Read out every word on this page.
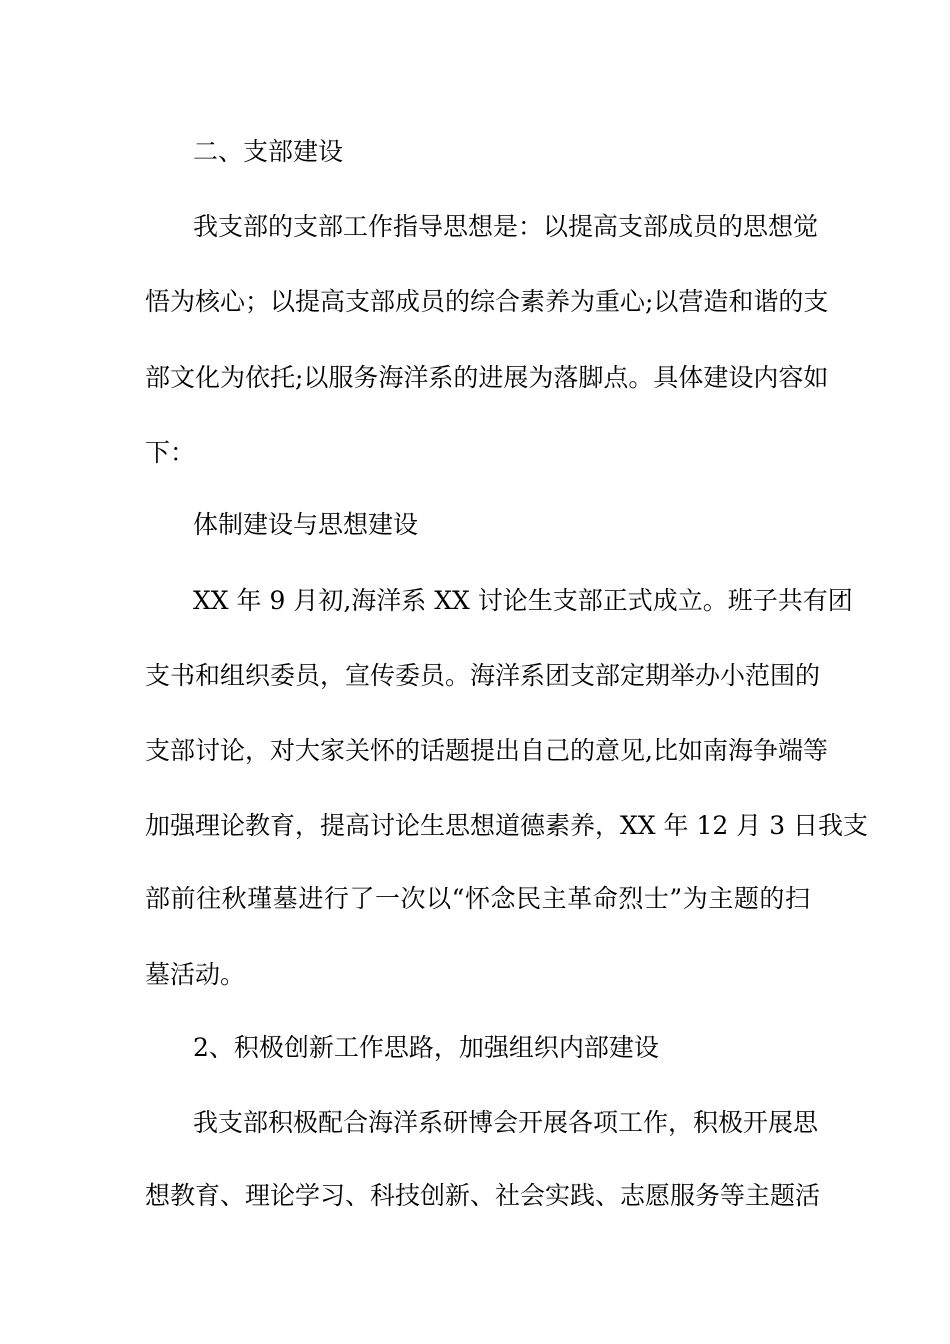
二、支部建设
我支部的支部工作指导思想是：以提高支部成员的思想觉
悟为核心；以提高支部成员的综合素养为重心;以营造和谐的支
部文化为依托;以服务海洋系的进展为落脚点。具体建设内容如
下：
体制建设与思想建设
XX 年 9 月初,海洋系 XX 讨论生支部正式成立。班子共有团
支书和组织委员，宣传委员。海洋系团支部定期举办小范围的
支部讨论，对大家关怀的话题提出自己的意见,比如南海争端等
加强理论教育，提高讨论生思想道德素养，XX 年 12 月 3 日我支
部前往秋瑾墓进行了一次以“怀念民主革命烈士”为主题的扫
墓活动。
2、积极创新工作思路，加强组织内部建设
我支部积极配合海洋系研博会开展各项工作，积极开展思
想教育、理论学习、科技创新、社会实践、志愿服务等主题活
